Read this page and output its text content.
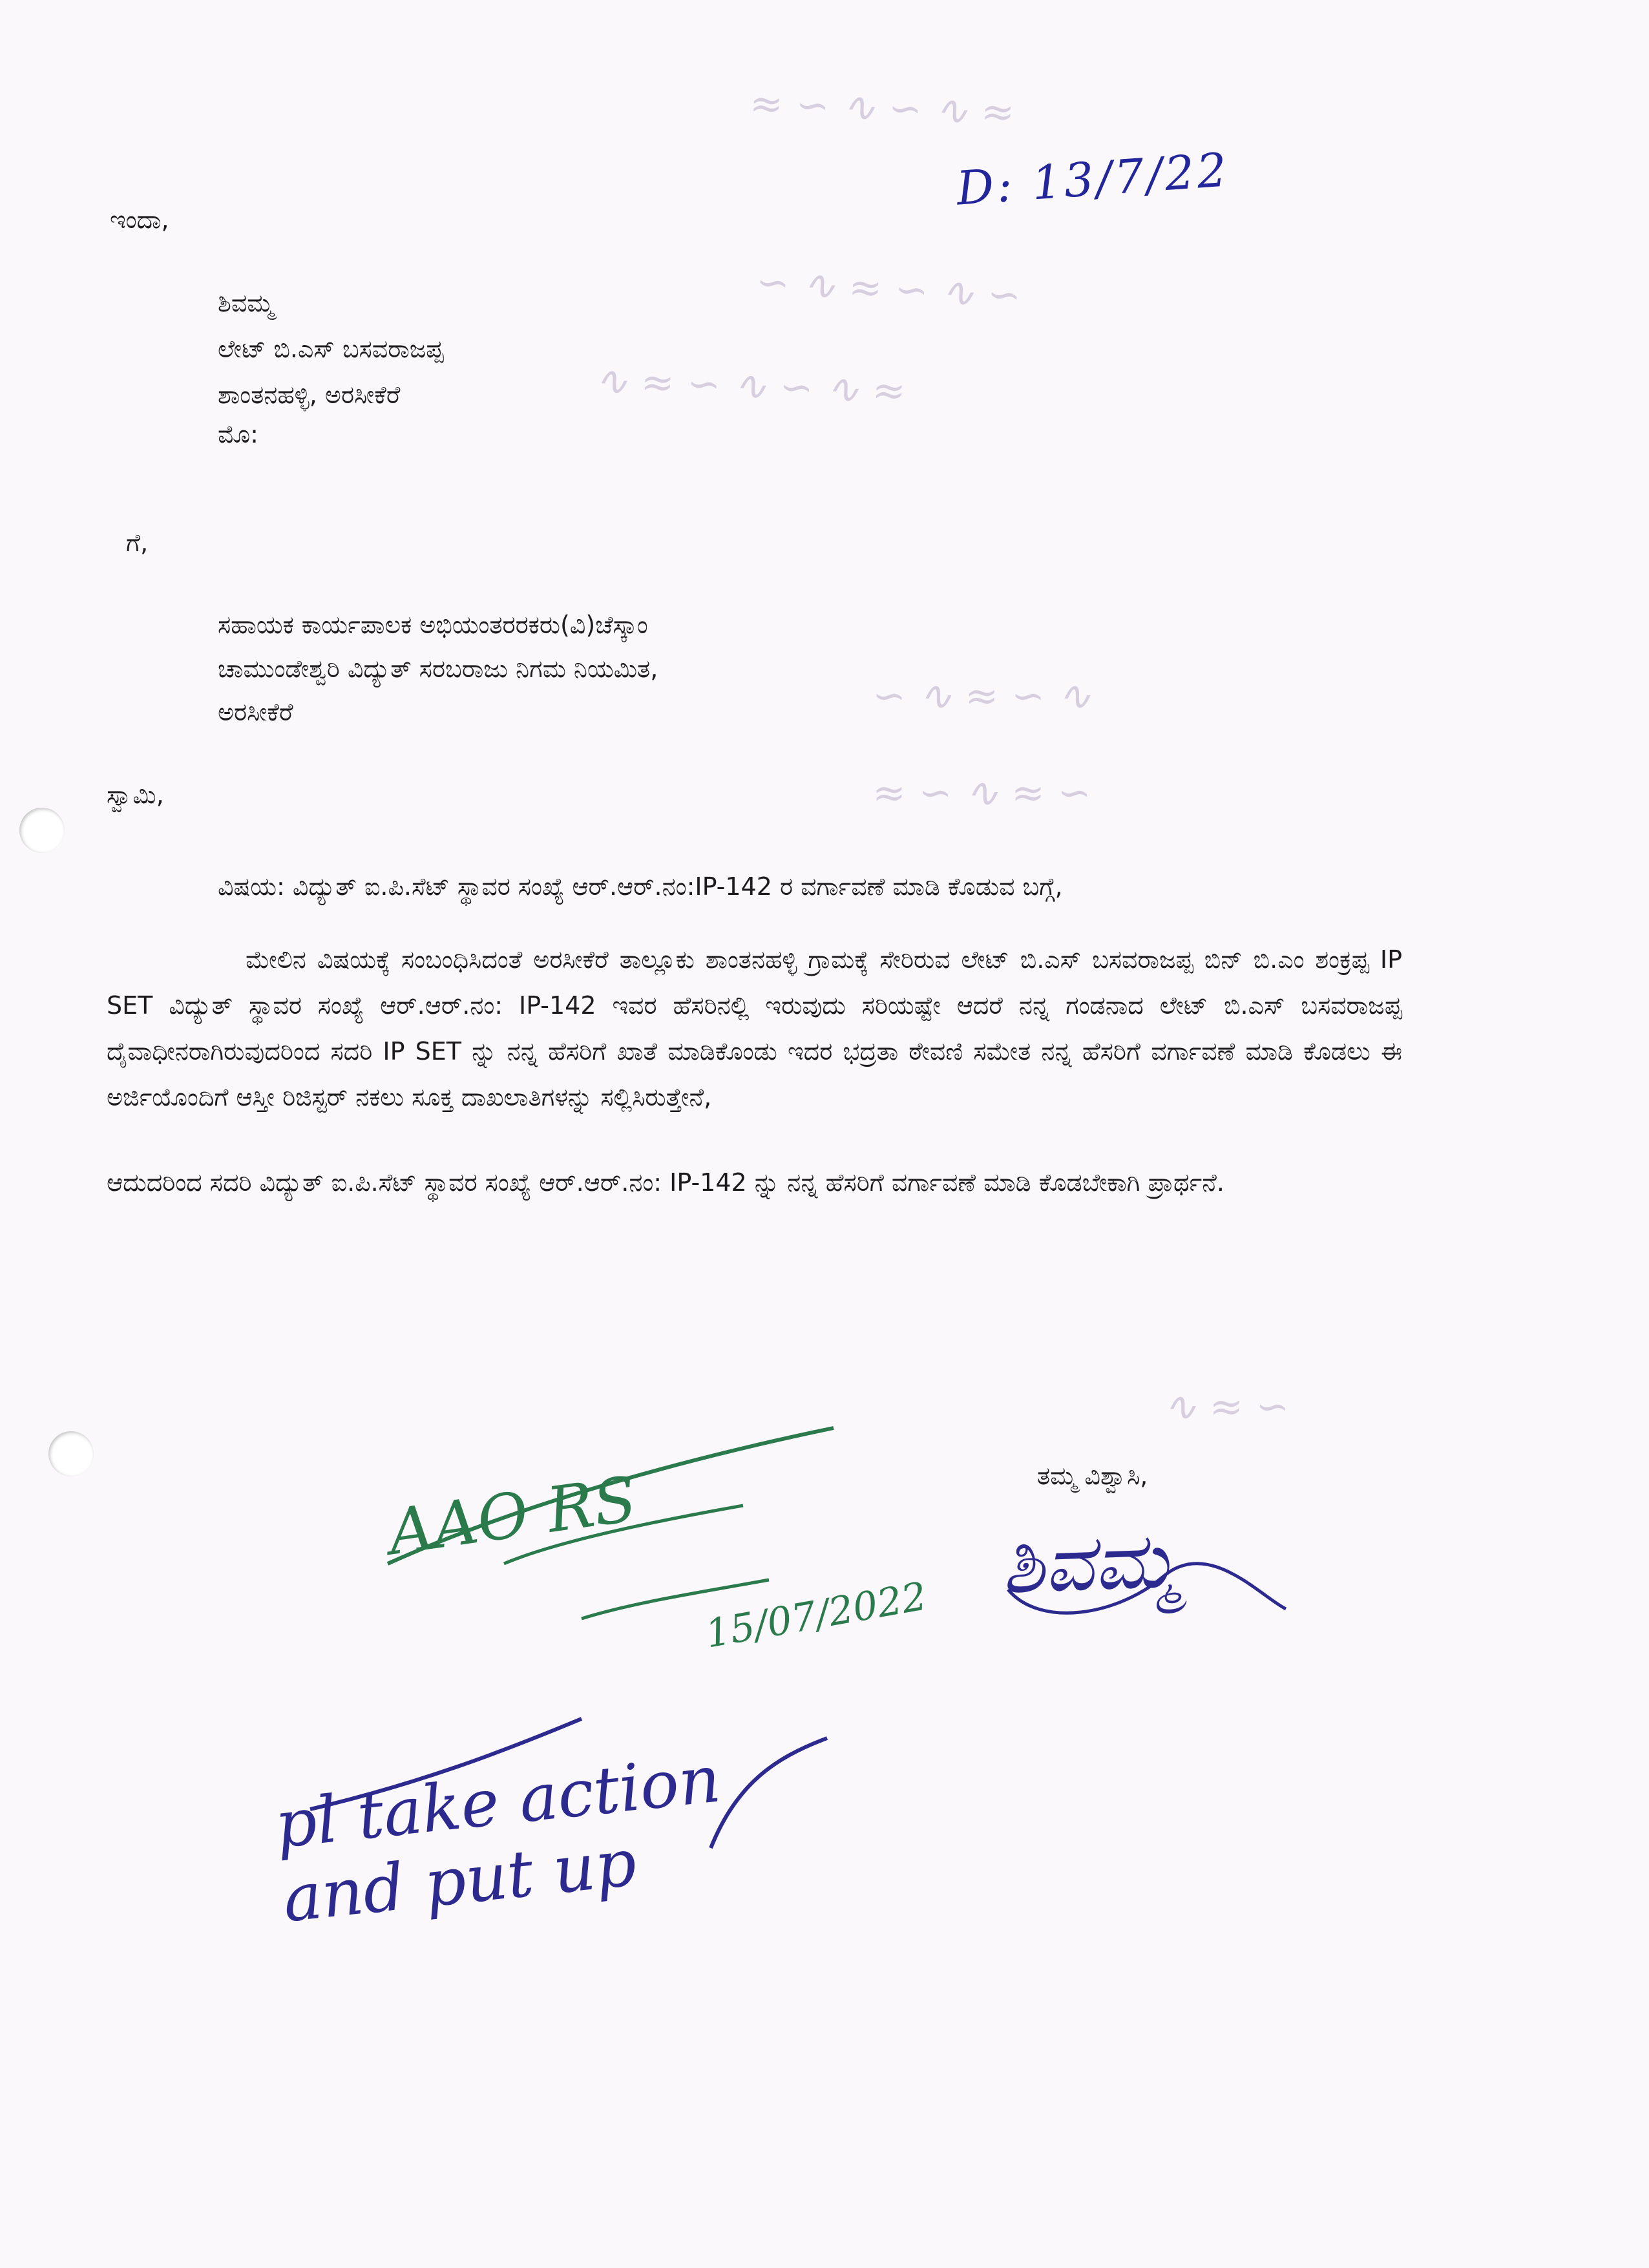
≈ ∽ ∿ ∽ ∿ ≈
∽ ∿ ≈ ∽ ∿ ∽
∿ ≈ ∽ ∿ ∽ ∿ ≈
∽ ∿ ≈ ∽ ∿
≈ ∽ ∿ ≈ ∽
∿ ≈ ∽
D: 13/7/22
ಇಂದಾ,
ಶಿವಮ್ಮ
ಲೇಟ್ ಬಿ.ಎಸ್ ಬಸವರಾಜಪ್ಪ
ಶಾಂತನಹಳ್ಳಿ, ಅರಸೀಕೆರೆ
ಮೊ:
ಗೆ,
ಸಹಾಯಕ ಕಾರ್ಯಪಾಲಕ ಅಭಿಯಂತರರಕರು(ವಿ)ಚೆಸ್ಕಾಂ
ಚಾಮುಂಡೇಶ್ವರಿ ವಿದ್ಯುತ್ ಸರಬರಾಜು ನಿಗಮ ನಿಯಮಿತ,
ಅರಸೀಕೆರೆ
ಸ್ವಾಮಿ,
ವಿಷಯ: ವಿದ್ಯುತ್ ಐ.ಪಿ.ಸೆಟ್ ಸ್ಥಾವರ ಸಂಖ್ಯೆ ಆರ್.ಆರ್.ನಂ:IP-142 ರ ವರ್ಗಾವಣೆ ಮಾಡಿ ಕೊಡುವ ಬಗ್ಗೆ,
ಮೇಲಿನ ವಿಷಯಕ್ಕೆ ಸಂಬಂಧಿಸಿದಂತೆ ಅರಸೀಕೆರೆ ತಾಲ್ಲೂಕು ಶಾಂತನಹಳ್ಳಿ ಗ್ರಾಮಕ್ಕೆ ಸೇರಿರುವ ಲೇಟ್ ಬಿ.ಎಸ್ ಬಸವರಾಜಪ್ಪ ಬಿನ್ ಬಿ.ಎಂ ಶಂಕ್ರಪ್ಪ IP SET ವಿದ್ಯುತ್ ಸ್ಥಾವರ ಸಂಖ್ಯೆ ಆರ್.ಆರ್.ನಂ: IP-142 ಇವರ ಹೆಸರಿನಲ್ಲಿ ಇರುವುದು ಸರಿಯಷ್ಟೇ ಆದರೆ ನನ್ನ ಗಂಡನಾದ ಲೇಟ್ ಬಿ.ಎಸ್ ಬಸವರಾಜಪ್ಪ ದೈವಾಧೀನರಾಗಿರುವುದರಿಂದ ಸದರಿ IP SET ನ್ನು ನನ್ನ ಹೆಸರಿಗೆ ಖಾತೆ ಮಾಡಿಕೊಂಡು ಇದರ ಭದ್ರತಾ ಠೇವಣಿ ಸಮೇತ ನನ್ನ ಹೆಸರಿಗೆ ವರ್ಗಾವಣೆ ಮಾಡಿ ಕೊಡಲು ಈ ಅರ್ಜಿಯೊಂದಿಗೆ ಆಸ್ತೀ ರಿಜಿಸ್ಟರ್ ನಕಲು ಸೂಕ್ತ ದಾಖಲಾತಿಗಳನ್ನು ಸಲ್ಲಿಸಿರುತ್ತೇನೆ,
ಆದುದರಿಂದ ಸದರಿ ವಿದ್ಯುತ್ ಐ.ಪಿ.ಸೆಟ್ ಸ್ಥಾವರ ಸಂಖ್ಯೆ ಆರ್.ಆರ್.ನಂ: IP-142 ನ್ನು ನನ್ನ ಹೆಸರಿಗೆ ವರ್ಗಾವಣೆ ಮಾಡಿ ಕೊಡಬೇಕಾಗಿ ಪ್ರಾರ್ಥನೆ.
ತಮ್ಮ ವಿಶ್ವಾಸಿ,
ಶಿವಮ್ಮ
AAO RS
15/07/2022
pl take action and put up
